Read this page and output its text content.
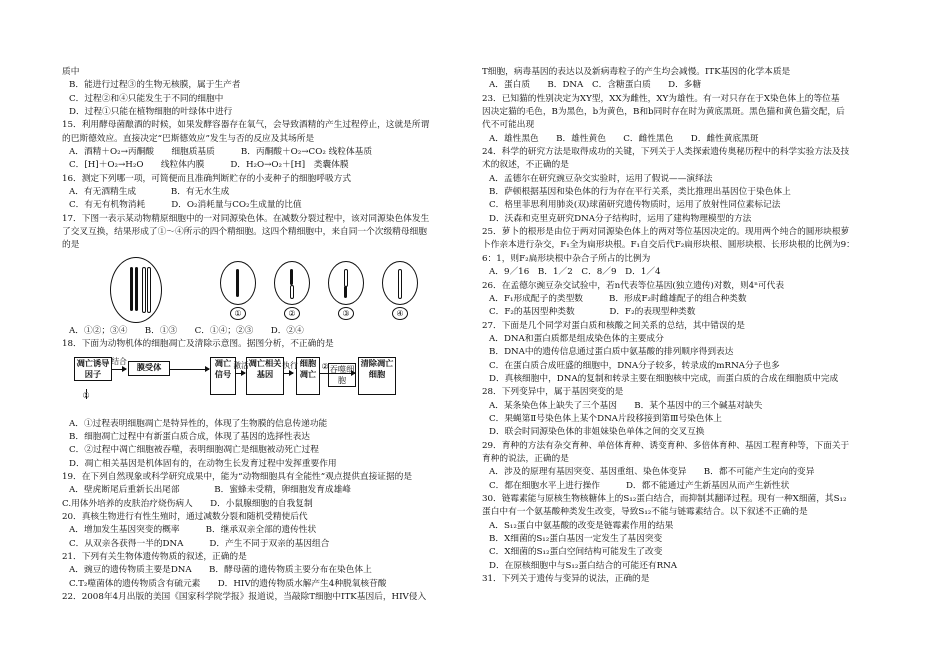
质中
B．能进行过程③的生物无核膜，属于生产者
C．过程②和④只能发生于不同的细胞中
D．过程①只能在植物细胞的叶绿体中进行
15．利用酵母菌酿酒的时候，如果发酵容器存在氧气，会导致酒精的产生过程停止，这就是所谓
的巴斯德效应。直接决定“巴斯德效应”发生与否的反应及其场所是
A．酒精＋O₂→丙酮酸　　细胞质基质　　　B．丙酮酸＋O₂→CO₂ 线粒体基质
C．[H]＋O₂→H₂O　　线粒体内膜　　　D．H₂O→O₂＋[H]　类囊体膜
16．测定下列哪一项，可简便而且准确判断贮存的小麦种子的细胞呼吸方式
A．有无酒精生成　　　　B．有无水生成
C．有无有机物消耗　　　D．O₂消耗量与CO₂生成量的比值
17．下图一表示某动物精原细胞中的一对同源染色体。在减数分裂过程中，该对同源染色体发生
了交叉互换，结果形成了①～④所示的四个精细胞。这四个精细胞中，来自同一个次级精母细胞
的是
①	②	③	④
A．①②；③④　　B．①③　　C．①④；②③　　D．②④
18．下面为动物机体的细胞凋亡及清除示意图。据图分析，不正确的是
凋亡诱导因子
结合
膜受体
①
凋亡信号
激活 凋亡相关基因
执行 细胞凋亡
② 吞噬细胞
清除凋亡细胞
A．①过程表明细胞凋亡是特异性的，体现了生物膜的信息传递功能
B．细胞凋亡过程中有新蛋白质合成，体现了基因的选择性表达
C．②过程中凋亡细胞被吞噬，表明细胞凋亡是细胞被动死亡过程
D．凋亡相关基因是机体固有的，在动物生长发育过程中发挥重要作用
19．在下列自然现象或科学研究成果中，能为“动物细胞具有全能性”观点提供直接证据的是
A．壁虎断尾后重新长出尾部　　　　B．蜜蜂未受精，卵细胞发育成雄峰
C.用体外培养的皮肤治疗烧伤病人　　D．小鼠腺细胞的自我复制
20．真核生物进行有性生殖时，通过减数分裂和随机受精使后代
A．增加发生基因突变的概率　　　B．继承双亲全部的遗传性状
C．从双亲各获得一半的DNA　　　D．产生不同于双亲的基因组合
21．下列有关生物体遗传物质的叙述，正确的是
A．豌豆的遗传物质主要是DNA　　B．酵母菌的遗传物质主要分布在染色体上
C.T₂噬菌体的遗传物质含有硫元素　　D．HIV的遗传物质水解产生4种脱氧核苷酸
22．2008年4月出版的美国《国家科学院学报》报道说，当敲除T细胞中ITK基因后，HIV侵入
T细胞，病毒基因的表达以及新病毒粒子的产生均会减慢。ITK基因的化学本质是
A．蛋白质　　B．DNA　C．含糖蛋白质　　D．多糖
23．已知猫的性别决定为XY型，XX为雌性，XY为雄性。有一对只存在于X染色体上的等位基
因决定猫的毛色，B为黑色，b为黄色，B和b同时存在时为黄底黑斑。黑色猫和黄色猫交配，后
代不可能出现
A．雄性黑色　　B．雄性黄色　　C．雌性黑色　　D．雌性黄底黑斑
24．科学的研究方法是取得成功的关键，下列关于人类探索遗传奥秘历程中的科学实验方法及技
术的叙述，不正确的是
A．孟德尔在研究豌豆杂交实验时，运用了假说——演绎法
B．萨顿根据基因和染色体的行为存在平行关系，类比推理出基因位于染色体上
C．格里菲思利用肺炎(双)球菌研究遗传物质时，运用了放射性同位素标记法
D．沃森和克里克研究DNA分子结构时，运用了建构物理模型的方法
25．萝卜的根形是由位于两对同源染色体上的两对等位基因决定的。现用两个纯合的圆形块根萝
卜作亲本进行杂交，F₁全为扁形块根。F₁自交后代F₂扁形块根、圆形块根、长形块根的比例为9：
6：1，则F₂扁形块根中杂合子所占的比例为
A．9／16　B．1／2　C．8／9　D．1／4
26．在孟德尔豌豆杂交试验中，若n代表等位基因(独立遗传)对数，则4ⁿ可代表
A．F₁形成配子的类型数　　　B．形成F₂时雌雄配子的组合种类数
C．F₂的基因型种类数　　　　D．F₂的表现型种类数
27．下面是几个同学对蛋白质和核酸之间关系的总结，其中错误的是
A．DNA和蛋白质都是组成染色体的主要成分
B．DNA中的遗传信息通过蛋白质中氨基酸的排列顺序得到表达
C．在蛋白质合成旺盛的细胞中，DNA分子较多，转录成的mRNA分子也多
D．真核细胞中，DNA的复制和转录主要在细胞核中完成，而蛋白质的合成在细胞质中完成
28．下列变异中，属于基因突变的是
A．某条染色体上缺失了三个基因　　B．某个基因中的三个碱基对缺失
C．果蝇第Ⅱ号染色体上某个DNA片段移接到第Ⅲ号染色体上
D．联会时同源染色体的非姐妹染色单体之间的交叉互换
29．育种的方法有杂交育种、单倍体育种、诱变育种、多倍体育种、基因工程育种等，下面关于
育种的说法，正确的是
A．涉及的原理有基因突变、基因重组、染色体变异　　B．都不可能产生定向的变异
C．都在细胞水平上进行操作　　　D．都不能通过产生新基因从而产生新性状
30．链霉素能与原核生物核糖体上的S₁₂蛋白结合，而抑制其翻译过程。现有一种X细菌，其S₁₂
蛋白中有一个氨基酸种类发生改变，导致S₁₂不能与链霉素结合。以下叙述不正确的是
A．S₁₂蛋白中氨基酸的改变是链霉素作用的结果
B．X细菌的S₁₂蛋白基因一定发生了基因突变
C．X细菌的S₁₂蛋白空间结构可能发生了改变
D．在原核细胞中与S₁₂蛋白结合的可能还有RNA
31．下列关于遗传与变异的说法，正确的是
